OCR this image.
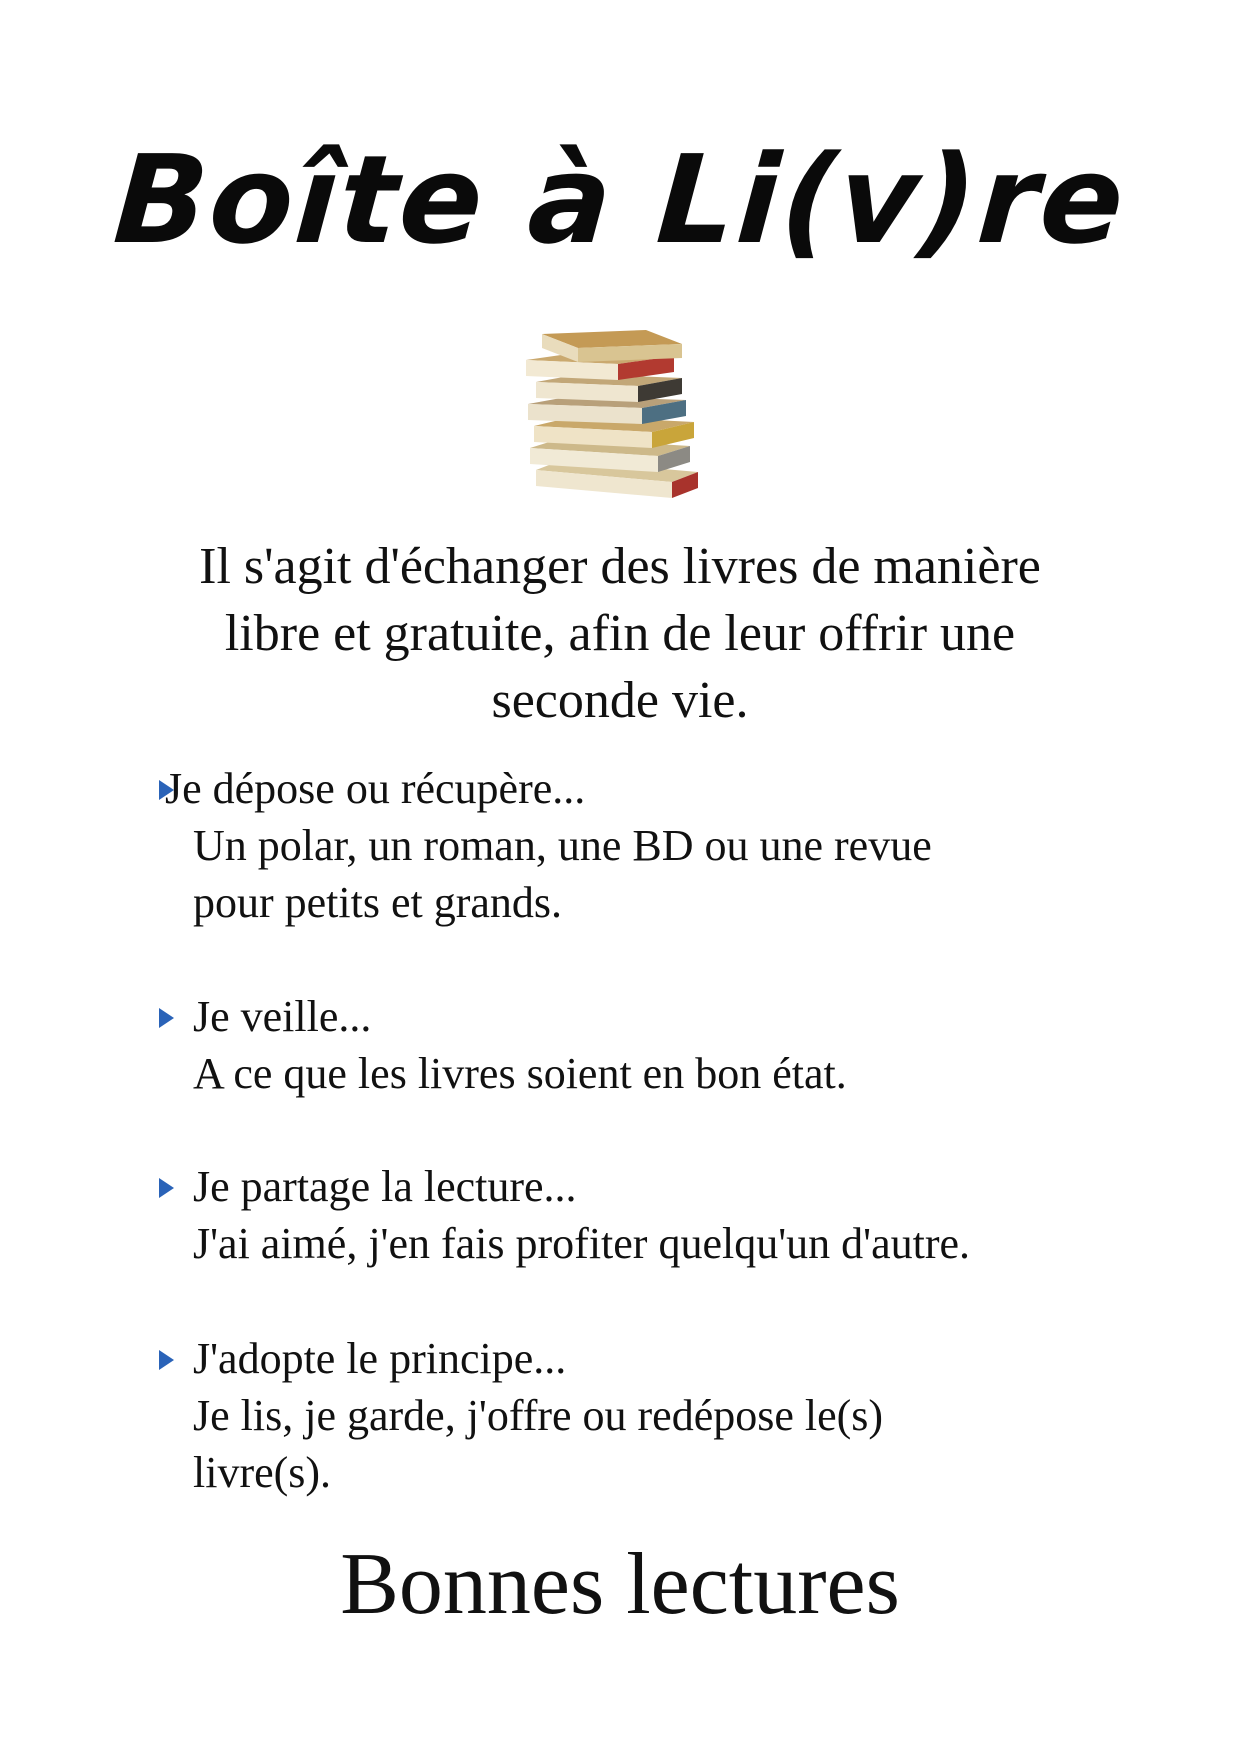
Boîte à Li(v)re
Il s'agit d'échanger des livres de manière
libre et gratuite, afin de leur offrir une
seconde vie.
Je dépose ou récupère...
Un polar, un roman, une BD ou une revue
pour petits et grands.
Je veille...
A ce que les livres soient en bon état.
Je partage la lecture...
J'ai aimé, j'en fais profiter quelqu'un d'autre.
J'adopte le principe...
Je lis, je garde, j'offre ou redépose le(s)
livre(s).
Bonnes lectures
